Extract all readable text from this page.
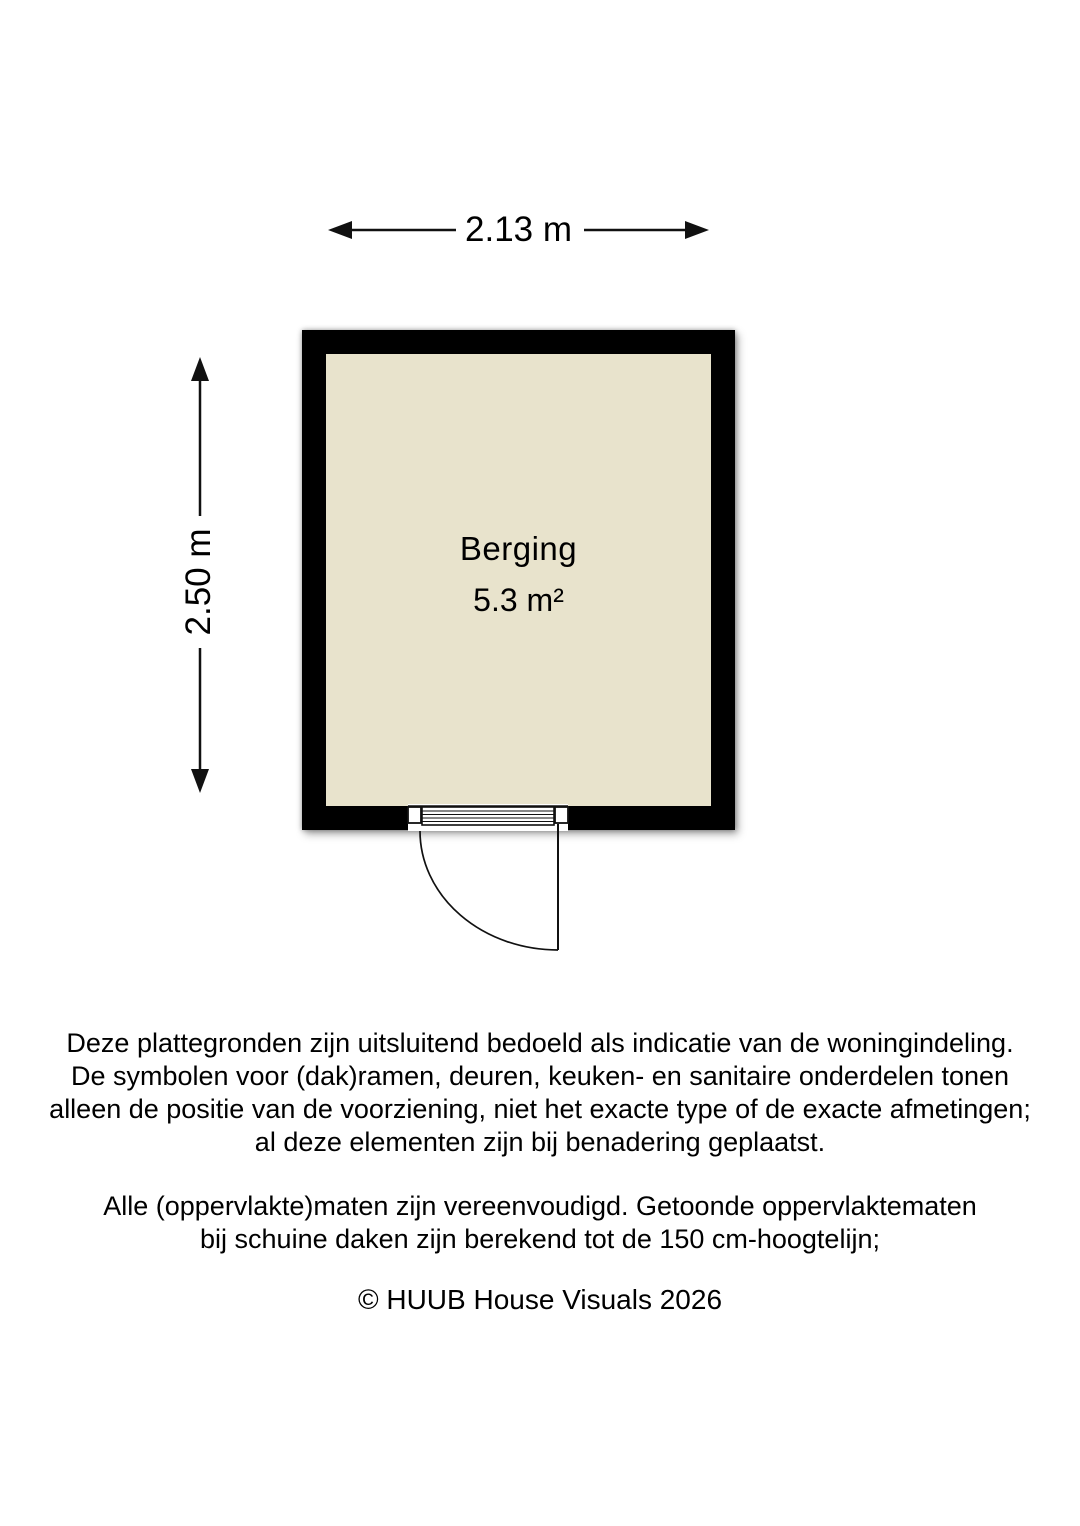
2.13 m
2.50 m	Berging
5.3 m²
Deze plattegronden zijn uitsluitend bedoeld als indicatie van de woningindeling.
De symbolen voor (dak)ramen, deuren, keuken- en sanitaire onderdelen tonen
alleen de positie van de voorziening, niet het exacte type of de exacte afmetingen;
al deze elementen zijn bij benadering geplaatst.
Alle (oppervlakte)maten zijn vereenvoudigd. Getoonde oppervlaktematen
bij schuine daken zijn berekend tot de 150 cm-hoogtelijn;
© HUUB House Visuals 2026
